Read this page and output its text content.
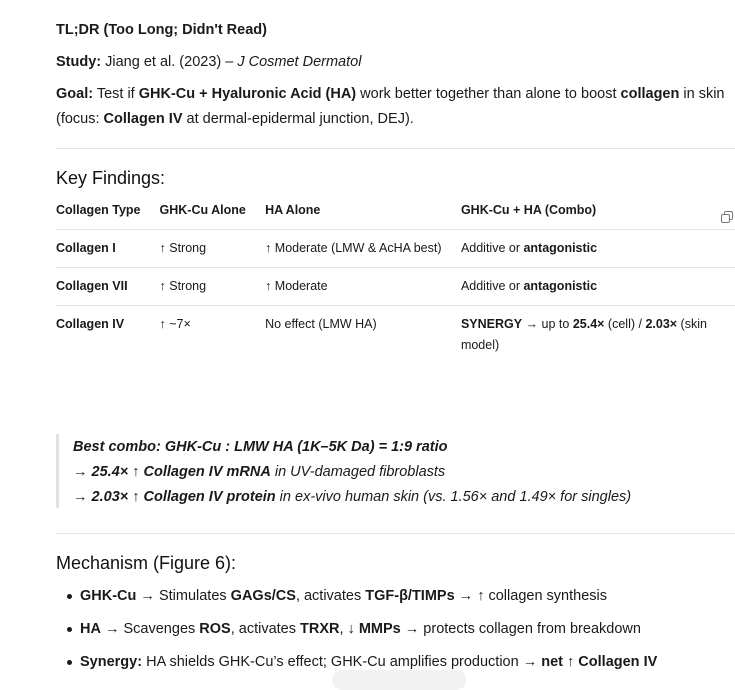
TL;DR (Too Long; Didn't Read)

Study: Jiang et al. (2023) – J Cosmet Dermatol

Goal: Test if GHK-Cu + Hyaluronic Acid (HA) work better together than alone to boost collagen in skin (focus: Collagen IV at dermal-epidermal junction, DEJ).

Key Findings:
Collagen Type	GHK-Cu Alone	HA Alone	GHK-Cu + HA (Combo)
Collagen I	↑ Strong	↑ Moderate (LMW & AcHA best)	Additive or antagonistic
Collagen VII	↑ Strong	↑ Moderate	Additive or antagonistic
Collagen IV	↑ ~7×	No effect (LMW HA)	SYNERGY → up to 25.4× (cell) / 2.03× (skin model)
Best combo: GHK-Cu : LMW HA (1K–5K Da) = 1:9 ratio
→ 25.4× ↑ Collagen IV mRNA in UV-damaged fibroblasts
→ 2.03× ↑ Collagen IV protein in ex-vivo human skin (vs. 1.56× and 1.49× for singles)
Mechanism (Figure 6):
GHK-Cu → Stimulates GAGs/CS, activates TGF-β/TIMPs → ↑ collagen synthesis
HA → Scavenges ROS, activates TRXR, ↓ MMPs → protects collagen from breakdown
Synergy: HA shields GHK-Cu’s effect; GHK-Cu amplifies production → net ↑ Collagen IV
